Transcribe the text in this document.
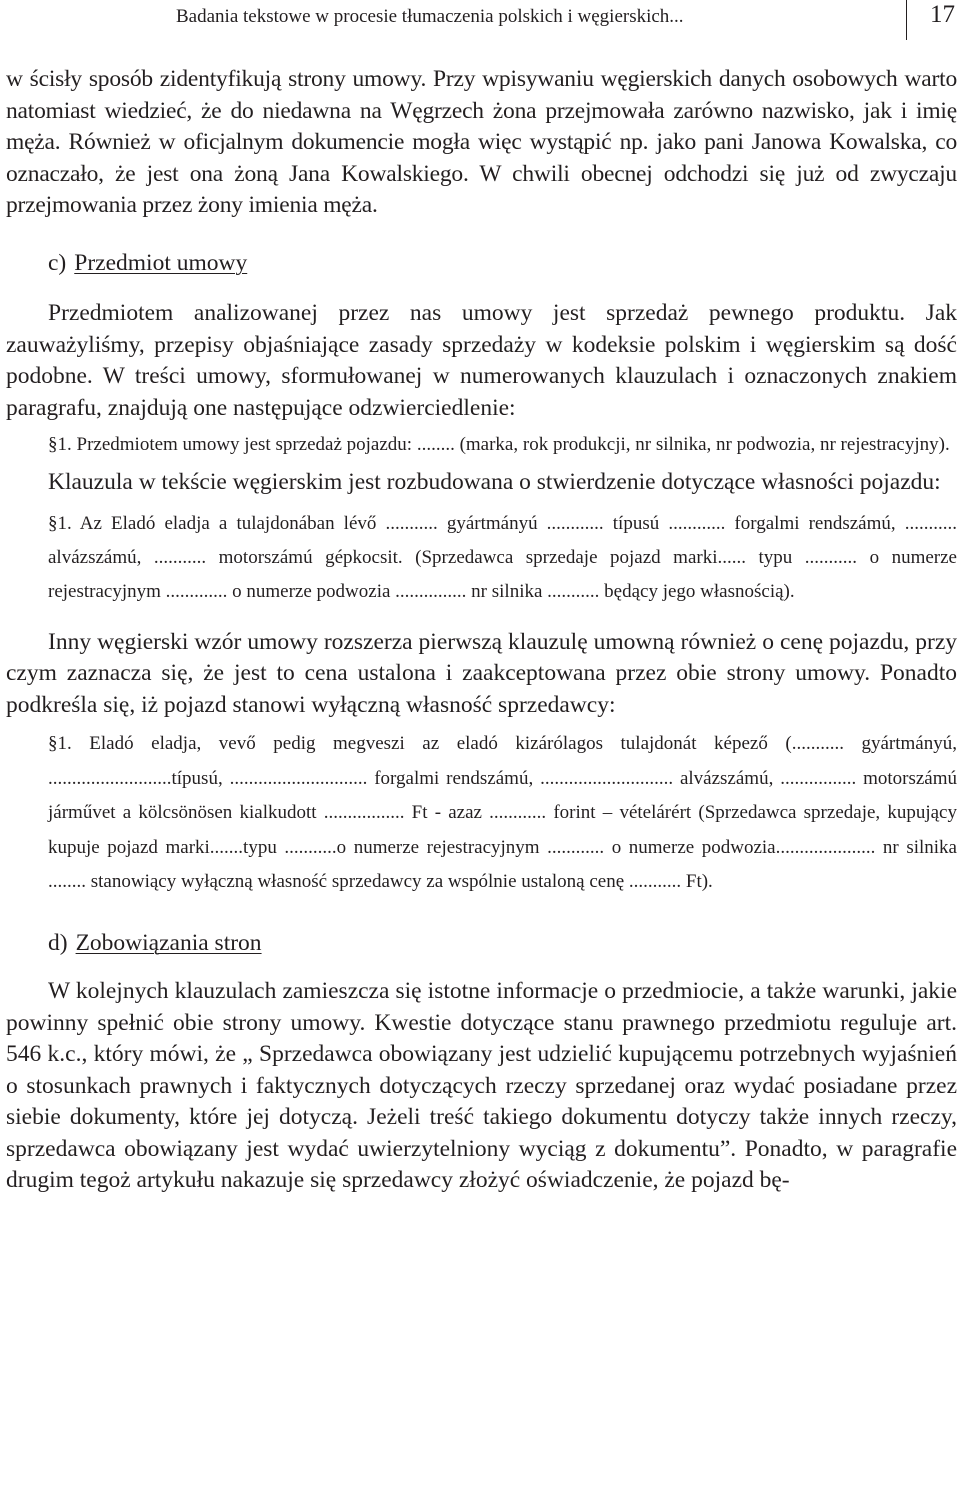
Badania tekstowe w procesie tłumaczenia polskich i węgierskich...	17

w ścisły sposób zidentyfikują strony umowy. Przy wpisywaniu węgierskich danych osobowych warto natomiast wiedzieć, że do niedawna na Węgrzech żona przejmowała zarówno nazwisko, jak i imię męża. Również w oficjalnym dokumencie mogła więc wystąpić np. jako pani Janowa Kowalska, co oznaczało, że jest ona żoną Jana Kowalskiego. W chwili obecnej odchodzi się już od zwyczaju przejmowania przez żony imienia męża.

c) Przedmiot umowy

Przedmiotem analizowanej przez nas umowy jest sprzedaż pewnego produktu. Jak zauważyliśmy, przepisy objaśniające zasady sprzedaży w kodeksie polskim i węgierskim są dość podobne. W treści umowy, sformułowanej w numerowanych klauzulach i oznaczonych znakiem paragrafu, znajdują one następujące odzwierciedlenie:

§1. Przedmiotem umowy jest sprzedaż pojazdu: ........ (marka, rok produkcji, nr silnika, nr podwozia, nr rejestracyjny).

Klauzula w tekście węgierskim jest rozbudowana o stwierdzenie dotyczące własności pojazdu:

§1. Az Eladó eladja a tulajdonában lévő ........... gyártmányú ............ típusú ............ forgalmi rendszámú, ........... alvázszámú, ........... motorszámú gépkocsit. (Sprzedawca sprzedaje pojazd marki...... typu ........... o numerze rejestracyjnym ............. o numerze podwozia ............... nr silnika ........... będący jego własnością).

Inny węgierski wzór umowy rozszerza pierwszą klauzulę umowną również o cenę pojazdu, przy czym zaznacza się, że jest to cena ustalona i zaakceptowana przez obie strony umowy. Ponadto podkreśla się, iż pojazd stanowi wyłączną własność sprzedawcy:

§1. Eladó eladja, vevő pedig megveszi az eladó kizárólagos tulajdonát képező (........... gyártmányú, ..........................típusú, ............................. forgalmi rendszámú, ............................ alvázszámú, ................ motorszámú járművet a kölcsönösen kialkudott ................. Ft - azaz ............ forint – vételárért (Sprzedawca sprzedaje, kupujący kupuje pojazd marki.......typu ...........o numerze rejestracyjnym ............ o numerze podwozia..................... nr silnika ........ stanowiący wyłączną własność sprzedawcy za wspólnie ustaloną cenę ........... Ft).

d) Zobowiązania stron

W kolejnych klauzulach zamieszcza się istotne informacje o przedmiocie, a także warunki, jakie powinny spełnić obie strony umowy. Kwestie dotyczące stanu prawnego przedmiotu reguluje art. 546 k.c., który mówi, że „ Sprzedawca obowiązany jest udzielić kupującemu potrzebnych wyjaśnień o stosunkach prawnych i faktycznych dotyczących rzeczy sprzedanej oraz wydać posiadane przez siebie dokumenty, które jej dotyczą. Jeżeli treść takiego dokumentu dotyczy także innych rzeczy, sprzedawca obowiązany jest wydać uwierzytelniony wyciąg z dokumentu”. Ponadto, w paragrafie drugim tegoż artykułu nakazuje się sprzedawcy złożyć oświadczenie, że pojazd bę-
